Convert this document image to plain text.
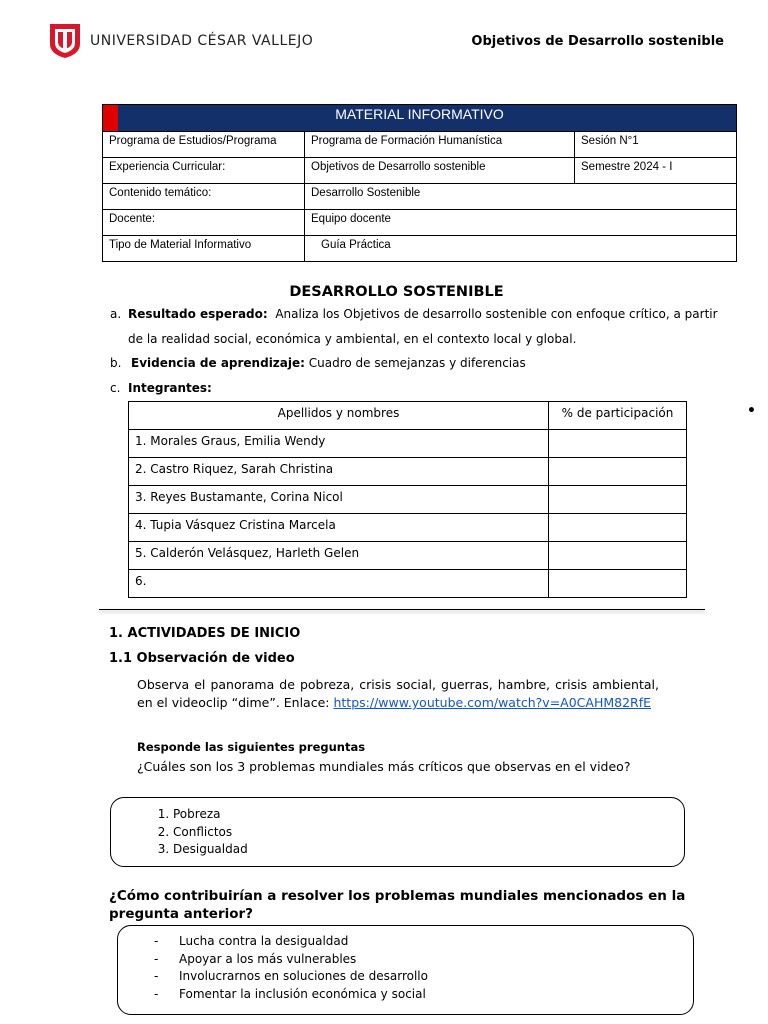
UNIVERSIDAD CÉSAR VALLEJO	Objetivos de Desarrollo sostenible
MATERIAL INFORMATIVO		
Programa de Estudios/Programa	Programa de Formación Humanística	Sesión N°1
Experiencia Curricular:	Objetivos de Desarrollo sostenible	Semestre 2024 - I
Contenido temático:	Desarrollo Sostenible	
Docente:	Equipo docente	
Tipo de Material Informativo	Guía Práctica	
DESARROLLO SOSTENIBLE
a. Resultado esperado: Analiza los Objetivos de desarrollo sostenible con enfoque crítico, a partir
de la realidad social, económica y ambiental, en el contexto local y global.
b. Evidencia de aprendizaje: Cuadro de semejanzas y diferencias
c. Integrantes:
•
Apellidos y nombres	% de participación
1. Morales Graus, Emilia Wendy	
2. Castro Riquez, Sarah Christina	
3. Reyes Bustamante, Corina Nicol	
4. Tupia Vásquez Cristina Marcela	
5. Calderón Velásquez, Harleth Gelen	
6.	
1. ACTIVIDADES DE INICIO
1.1 Observación de video
Observa el panorama de pobreza, crisis social, guerras, hambre, crisis ambiental, en el videoclip “dime”. Enlace: https://www.youtube.com/watch?v=A0CAHM82RfE
Responde las siguientes preguntas
¿Cuáles son los 3 problemas mundiales más críticos que observas en el video?
1. Pobreza
2. Conflictos
3. Desigualdad
¿Cómo contribuirían a resolver los problemas mundiales mencionados en la pregunta anterior?
- Lucha contra la desigualdad
- Apoyar a los más vulnerables
- Involucrarnos en soluciones de desarrollo
- Fomentar la inclusión económica y social
